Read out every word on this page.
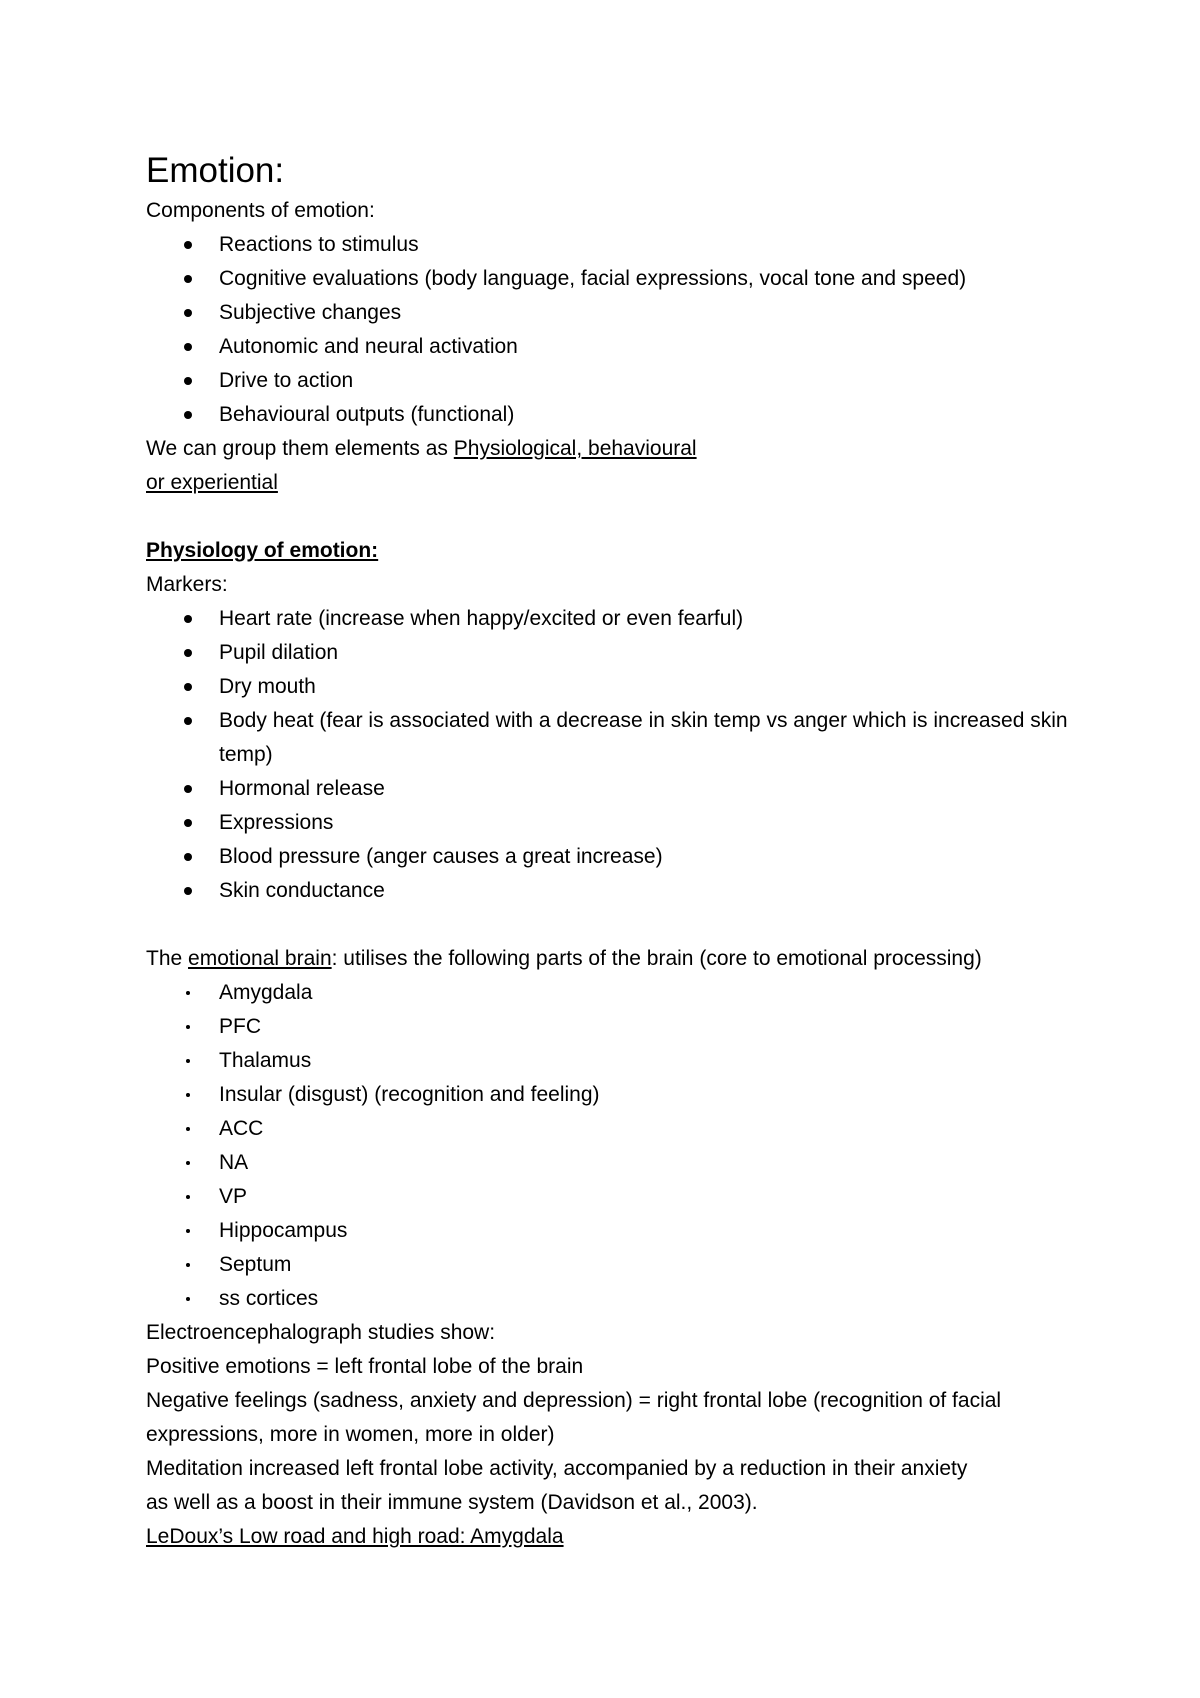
Emotion:
Components of emotion:
Reactions to stimulus
Cognitive evaluations (body language, facial expressions, vocal tone and speed)
Subjective changes
Autonomic and neural activation
Drive to action
Behavioural outputs (functional)
We can group them elements as Physiological, behavioural
or experiential
Physiology of emotion:
Markers:
Heart rate (increase when happy/excited or even fearful)
Pupil dilation
Dry mouth
Body heat (fear is associated with a decrease in skin temp vs anger which is increased skin temp)
Hormonal release
Expressions
Blood pressure (anger causes a great increase)
Skin conductance
The emotional brain: utilises the following parts of the brain (core to emotional processing)
Amygdala
PFC
Thalamus
Insular (disgust) (recognition and feeling)
ACC
NA
VP
Hippocampus
Septum
ss cortices
Electroencephalograph studies show:
Positive emotions = left frontal lobe of the brain
Negative feelings (sadness, anxiety and depression) = right frontal lobe (recognition of facial
expressions, more in women, more in older)
Meditation increased left frontal lobe activity, accompanied by a reduction in their anxiety
as well as a boost in their immune system (Davidson et al., 2003).
LeDoux’s Low road and high road: Amygdala
